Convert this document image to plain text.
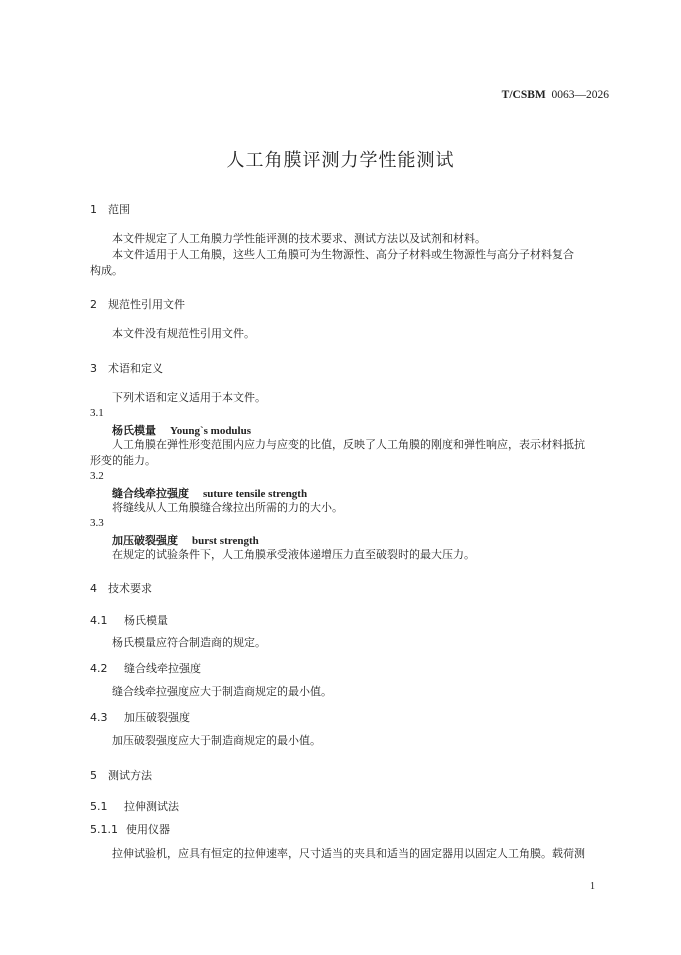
T/CSBM 0063—2026
人工角膜评测力学性能测试
1 范围
本文件规定了人工角膜力学性能评测的技术要求、测试方法以及试剂和材料。
本文件适用于人工角膜，这些人工角膜可为生物源性、高分子材料或生物源性与高分子材料复合
构成。
2 规范性引用文件
本文件没有规范性引用文件。
3 术语和定义
下列术语和定义适用于本文件。
3.1
杨氏模量 Young`s modulus
人工角膜在弹性形变范围内应力与应变的比值，反映了人工角膜的刚度和弹性响应，表示材料抵抗
形变的能力。
3.2
缝合线牵拉强度 suture tensile strength
将缝线从人工角膜缝合缘拉出所需的力的大小。
3.3
加压破裂强度 burst strength
在规定的试验条件下，人工角膜承受液体递增压力直至破裂时的最大压力。
4 技术要求
4.1 杨氏模量
杨氏模量应符合制造商的规定。
4.2 缝合线牵拉强度
缝合线牵拉强度应大于制造商规定的最小值。
4.3 加压破裂强度
加压破裂强度应大于制造商规定的最小值。
5 测试方法
5.1 拉伸测试法
5.1.1 使用仪器
拉伸试验机，应具有恒定的拉伸速率，尺寸适当的夹具和适当的固定器用以固定人工角膜。载荷测
1
